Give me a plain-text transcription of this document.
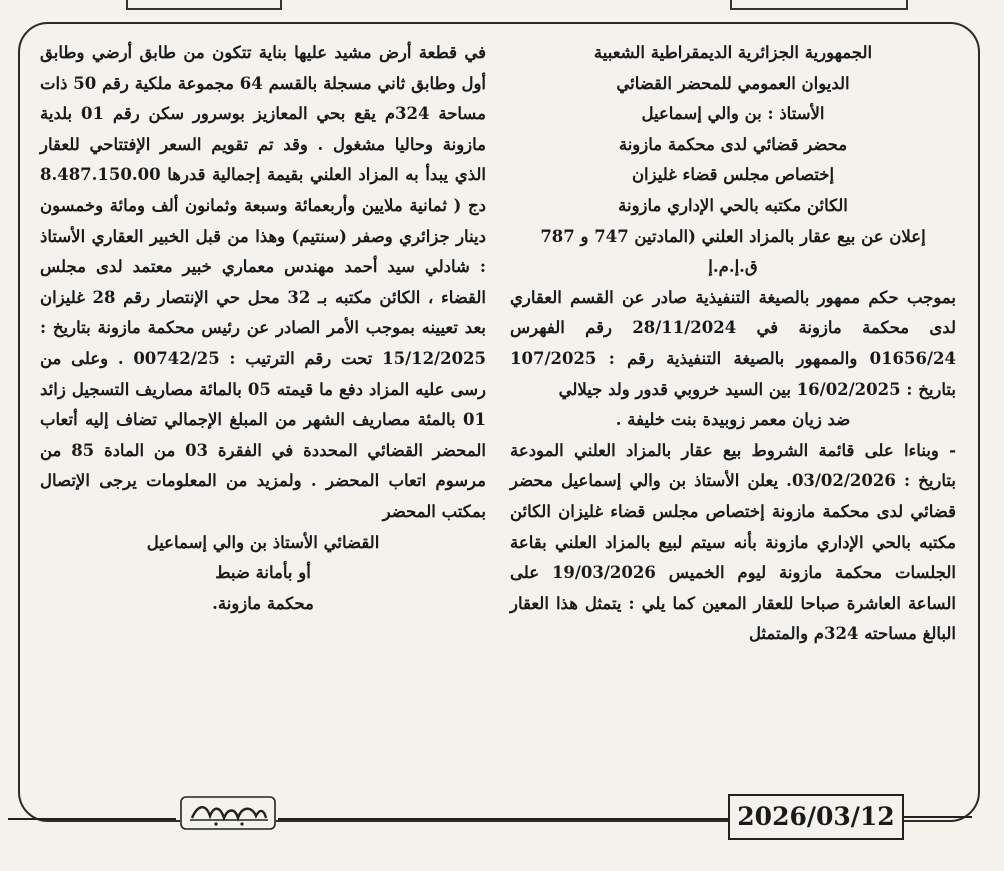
الجمهورية الجزائرية الديمقراطية الشعبية

الديوان العمومي للمحضر القضائي

الأستاذ : بن والي إسماعيل

محضر قضائي لدى محكمة مازونة

إختصاص مجلس قضاء غليزان

الكائن مكتبه بالحي الإداري مازونة

إعلان عن بيع عقار بالمزاد العلني (المادتين 747 و 787

ق.إ.م.إ

بموجب حكم ممهور بالصيغة التنفيذية صادر عن القسم العقاري لدى محكمة مازونة في 28/11/2024 رقم الفهرس 01656/24 والممهور بالصيغة التنفيذية رقم : 107/2025 بتاريخ : 16/02/2025 بين السيد خروبي قدور ولد جيلالي

ضد زيان معمر زوبيدة بنت خليفة .

- وبناءا على قائمة الشروط بيع عقار بالمزاد العلني المودعة بتاريخ : 03/02/2026. يعلن الأستاذ بن والي إسماعيل محضر قضائي لدى محكمة مازونة إختصاص مجلس قضاء غليزان الكائن مكتبه بالحي الإداري مازونة بأنه سيتم لبيع بالمزاد العلني بقاعة الجلسات محكمة مازونة ليوم الخميس 19/03/2026 على الساعة العاشرة صباحا للعقار المعين كما يلي : يتمثل هذا العقار البالغ مساحته 324م والمتمثل

في قطعة أرض مشيد عليها بناية تتكون من طابق أرضي وطابق أول وطابق ثاني مسجلة بالقسم 64 مجموعة ملكية رقم 50 ذات مساحة 324م يقع بحي المعازيز بوسرور سكن رقم 01 بلدية مازونة وحاليا مشغول . وقد تم تقويم السعر الإفتتاحي للعقار الذي يبدأ به المزاد العلني بقيمة إجمالية قدرها 8.487.150.00 دج ( ثمانية ملايين وأربعمائة وسبعة وثمانون ألف ومائة وخمسون دينار جزائري وصفر (سنتيم) وهذا من قبل الخبير العقاري الأستاذ : شادلي سيد أحمد مهندس معماري خبير معتمد لدى مجلس القضاء ، الكائن مكتبه بـ 32 محل حي الإنتصار رقم 28 غليزان بعد تعيينه بموجب الأمر الصادر عن رئيس محكمة مازونة بتاريخ : 15/12/2025 تحت رقم الترتيب : 00742/25 . وعلى من رسى عليه المزاد دفع ما قيمته 05 بالمائة مصاريف التسجيل زائد 01 بالمئة مصاريف الشهر من المبلغ الإجمالي تضاف إليه أتعاب المحضر القضائي المحددة في الفقرة 03 من المادة 85 من مرسوم اتعاب المحضر . ولمزيد من المعلومات يرجى الإتصال بمكتب المحضر

القضائي الأستاذ بن والي إسماعيل

أو بأمانة ضبط

محكمة مازونة.

2026/03/12
